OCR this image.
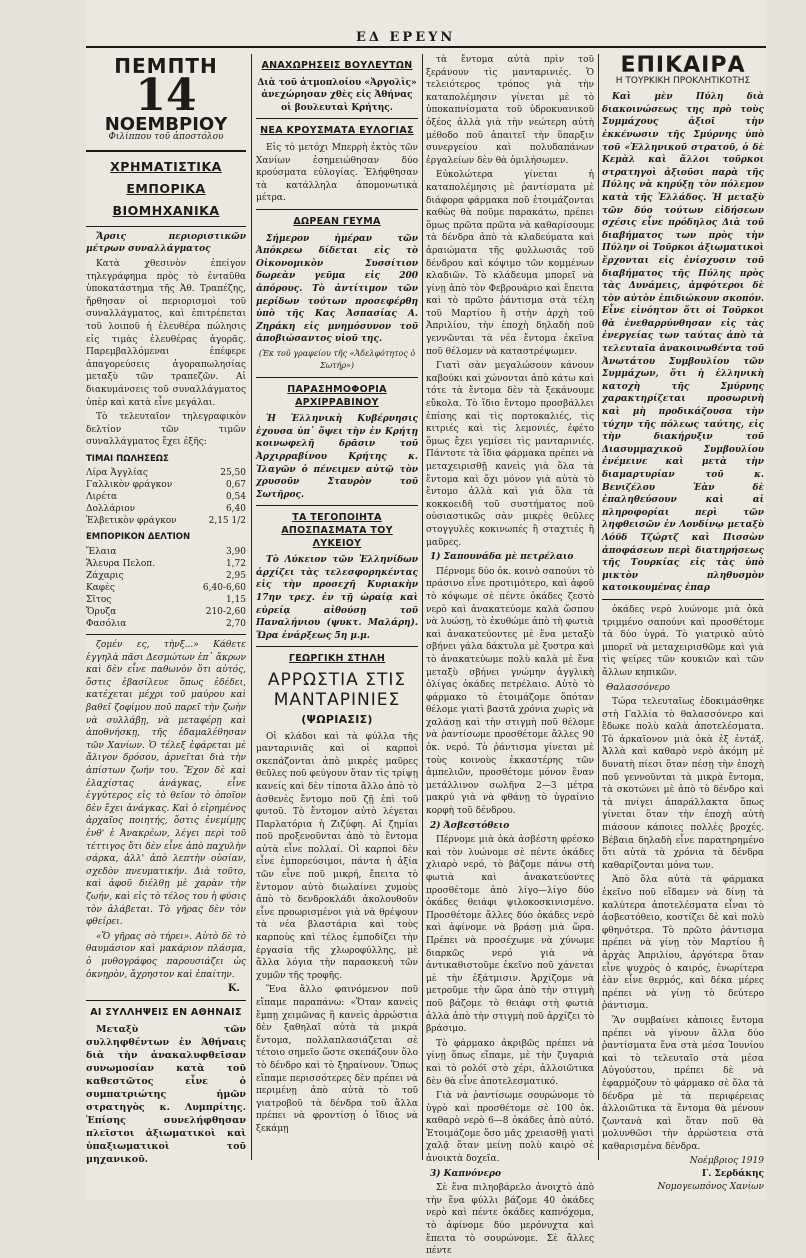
ΕΔ ΕΡΕΥΝ
ΠΕΜΠΤΗ
14
ΝΟΕΜΒΡΙΟΥ
Φιλίππου τοῦ ἀποστόλου
ΧΡΗΜΑΤΙΣΤΙΚΑ
ΕΜΠΟΡΙΚΑ
ΒΙΟΜΗΧΑΝΙΚΑ

Ἄρσις περιοριστικῶν μέτρων συναλλάγματος

Κατὰ χθεσινὸν ἐπείγον τηλεγράφημα πρὸς τὸ ἐνταῦθα ὑποκατάστημα τῆς Ἀθ. Τραπέζης, ἤρθησαν οἱ περιορισμοὶ τοῦ συναλλάγματος, καὶ ἐπιτρέπεται τοῦ λοιποῦ ἡ ἐλευθέρα πώλησις εἰς τιμὰς ἐλευθέρας ἀγορᾶς. Παρεμβαλλόμεναι ἐπέφερε ἀπαγορεύσεις ἀγοραπωλησίας μεταξὺ τῶν τραπεζῶν. Αἱ διακυμάνσεις τοῦ συναλλάγματος ὑπὲρ καὶ κατὰ εἶνε μεγάλαι.

Τὸ τελευταῖον τηλεγραφικὸν δελτίον τῶν τιμῶν συναλλάγματος ἔχει ἐξῆς:

ΤΙΜΑΙ ΠΩΛΗΣΕΩΣ
Λίρα Ἀγγλίας	25,50
Γαλλικὸν φράγκον	0,67
Λιρέτα	0,54
Δολλάριον	6,40
Ἑλβετικὸν φράγκον	2,15 1/2
ΕΜΠΟΡΙΚΟΝ ΔΕΛΤΙΟΝ
Ἔλαια	3,90
Ἄλευρα Πελοπ.	1,72
Ζάχαρις	2,95
Καφὲς	6,40-6,60
Σῖτος	1,15
Ὄρυζα	210-2,60
Φασόλια	2,70

ζομέν ες, τὴνξ...» Κάθετε ἑγγηλὰ πᾶσι Δεσμώτων ἐπ᾽ ἄκρων καὶ δὲν εἶνε παθωνὸν ὅτι αὐτός, ὅστις ἐβασίλευε ὅπως ἐδέδει, κατέχεται μέχρι τοῦ μαύρου καὶ βαθεῖ ζοφίμου ποῦ παρεῖ τὴν ζωὴν νὰ συλλάβῃ, νὰ μεταφέρῃ καὶ ἀποθνήσκῃ, τῆς ἐδαμαλέθησαν τῶν Χανίων. Ὁ τέλεξ ἐφάρεται μὲ ἄλιγον δρόσου, ἀρνεῖται διὰ τὴν ἀπίστων ζωήν του. Ἔχον δὲ καὶ ἐλαχίστας ἀνάγκας, εἶνε ἐγγύτερος εἰς τὸ θεῖον τὸ ὁποῖον δὲν ἔχει ἀνάγκας. Καὶ ὁ εἰρημένος ἀρχαῖος ποιητής, ὅστις ἐνεμίμῃς ἐνθ' ἐ Ἀνακρέων, λέγει περὶ τοῦ τέττιγος ὅτι δὲν εἶνε ἀπὸ παχυλὴν σάρκα, ἀλλ' ἀπὸ λεπτὴν οὐσίαν, σχεδὸν πνευματικήν. Διὰ τοῦτο, καὶ ἀφοῦ διέλθῃ μὲ χαρὰν τὴν ζωήν, καὶ εἰς τὸ τέλος του ἡ φύσις τὸν ἀλάβεται. Τὸ γῆρας δὲν τὸν φθείρει.

«Ὅ γῆρας σὸ τήρει». Αὐτὸ δὲ τὸ θαυμάσιον καὶ μακάριον πλάσμα, ὁ μυθογράφος παρουσιάζει ὡς ὀκνηρὸν, ἄχρηστον καὶ ἐπαίτην.

Κ.
ΑΙ ΣΥΛΛΗΨΕΙΣ ΕΝ ΑΘΗΝΑΙΣ

Μεταξὺ τῶν συλληφθέντων ἐν Ἀθήναις διὰ τὴν ἀνακαλυφθεῖσαν συνωμοσίαν κατὰ τοῦ καθεστῶτος εἶνε ὁ συμπατριώτης ἡμῶν στρατηγὸς κ. Λυμπρίτης. Ἐπίσης συνελήφθησαν πλεῖστοι ἀξιωματικοὶ καὶ ὑπαξιωματικοὶ τοῦ μηχανικοῦ.

ΑΝΑΧΩΡΗΣΕΙΣ ΒΟΥΛΕΥΤΩΝ

Διὰ τοῦ ἀτμοπλοίου «Ἀργολὶς» ἀνεχώρησαν χθὲς εἰς Ἀθήνας οἱ βουλευταὶ Κρήτης.

ΝΕΑ ΚΡΟΥΣΜΑΤΑ ΕΥΛΟΓΙΑΣ

Εἰς τὸ μετόχι Μπερρὴ ἐκτὸς τῶν Χανίων ἐσημειώθησαν δύο κρούσματα εὐλογίας. Ἐλήφθησαν τὰ κατάλληλα ἀπομονωτικὰ μέτρα.

ΔΩΡΕΑΝ ΓΕΥΜΑ

Σήμερον ἡμέραν τῶν Ἀπόκρεω δίδεται εἰς τὸ Οἰκονομικὸν Συσσίτιον δωρεὰν γεῦμα εἰς 200 ἀπόρους. Τὸ ἀντίτιμον τῶν μερίδων τούτων προσεφέρθη ὑπὸ τῆς Κας Ἀσπασίας Α. Ζηράκη εἰς μνημόσυνον τοῦ ἀποβιώσαντος υἱοῦ της.

(Ἐκ τοῦ γραφείου τῆς «Ἀδελφότητος ὁ Σωτήρ»)

ΠΑΡΑΣΗΜΟΦΟΡΙΑ ΑΡΧΙΡΡΑΒΙΝΟΥ

Ἡ Ἑλληνικὴ Κυβέρνησις ἐχουσα ὑπ᾽ ὄψει τὴν ἐν Κρήτῃ κοινωφελῆ δρᾶσιν τοῦ Ἀρχιρραβίνου Κρήτης κ. Ἰλαγῶν ὁ πένειμεν αὐτῷ τὸν χρυσοῦν Σταυρὸν τοῦ Σωτῆρος.

ΤΑ ΤΕΓΟΠΟΙΗΤΑ ΑΠΟΣΠΑΣΜΑΤΑ ΤΟΥ ΛΥΚΕΙΟΥ

Τὸ Λύκειον τῶν Ἑλληνίδων ἀρχίζει τὰς τελεσφορηκέντας εἰς τὴν προσεχῆ Κυριακὴν 17ην τρεχ. ἐν τῇ ὡραίᾳ καὶ εὐρείᾳ αἰθούσῃ τοῦ Παναλήνιου (ψυκτ. Μαλάρη). Ὥρα ἐνάρξεως 5η μ.μ.

ΓΕΩΡΓΙΚΗ ΣΤΗΛΗ
ΑΡΡΩΣΤΙΑ ΣΤΙΣ ΜΑΝΤΑΡΙΝΙΕΣ
(ΨΩΡΙΑΣΙΣ)

Οἱ κλάδοι καὶ τὰ φύλλα τῆς μανταρινιᾶς καὶ οἱ καρποὶ σκεπάζονται ἀπὸ μικρὲς μαῦρες θεῦλες ποῦ φεύγουν ὅταν τὶς τρίψῃ κανείς καὶ δὲν τίποτα ἄλλο ἀπὸ τὸ ἀσθενὲς ἔντομο ποῦ ζῇ ἐπὶ τοῦ φυτοῦ. Τὸ ἔντομον αὐτὸ λέγεται Παρλατόρια ἡ Ζιζύφη. Αἱ ζημίαι ποῦ προξενοῦνται ἀπὸ τὸ ἔντομα αὐτὰ εἶνε πολλαί. Οἱ καρποὶ δὲν εἶνε ἐμπορεύσιμοι, πάντα ἡ ἀξία τῶν εἶνε ποῦ μικρή, ἔπειτα τὸ ἔντομον αὐτὸ διωλαίνει χυμοὺς ἀπὸ τὸ δενδροκλάδι ἀκολουθοῦν εἶνε προωρισμένοι γιὰ νὰ θρέψουν τὰ νέα βλαστάρια καὶ τοὺς καρποὺς καὶ τέλος ἐμποδίζει τὴν ἐργασία τῆς χλωροφύλλης, μὲ ἄλλα λόγια τὴν παρασκευὴ τῶν χυμῶν τῆς τροφῆς.

Ἕνα ἄλλο φαινόμενον ποῦ εἴπαμε παραπάνω: «Ὅταν κανεὶς ἔμπῃ χειμῶνας ἢ κανεὶς ἀρρώστια δὲν ξαθηλαῖ αὐτὰ τὰ μικρὰ ἔντομα, πολλαπλασιάζεται σὲ τέτοιο σημεῖο ὥστε σκεπάζουν ὅλο τὸ δένδρο καὶ τὸ ξηραίνουν. Ὅπως εἴπαμε περισσότερες δὲν πρέπει νὰ περιμένῃ ἀπὸ αὐτὰ τὸ τοῦ γιατροβοῦ τὰ δένδρα τοῦ ἄλλα πρέπει νὰ φροντίσῃ ὁ ἴδιος νὰ ξεκάμῃ

τὰ ἔντομα αὐτὰ πρὶν τοῦ ξεράνουν τὶς μανταρινιές. Ὁ τελειότερος τρόπος γιὰ τὴν καταπολέμησιν γίνεται μὲ τὸ ὑποκαπνίσματα τοῦ ὑδροκυανικοῦ ὀξέος ἀλλὰ γιὰ τὴν νεώτερη αὐτὴ μέθοδο ποῦ ἀπαιτεῖ τὴν ὕπαρξιν συνεργείου καὶ πολυδαπάνων ἐργαλείων δὲν θὰ ὁμιλήσωμεν.

Εὐκολώτερα γίνεται ἡ καταπολέμησις μὲ ῥαντίσματα μὲ διάφορα φάρμακα ποῦ ἑτοιμάζονται καθὼς θὰ ποῦμε παρακάτω, πρέπει ὅμως πρῶτα πρῶτα νὰ καθαρίσουμε τὰ δένδρα ἀπὸ τὰ κλαδεύματα καὶ ἀραιώματα τῆς φυλλωσιᾶς τοῦ δένδρου καὶ κόψιμο τῶν κομμένων κλαδιῶν. Τὸ κλάδευμα μπορεῖ νὰ γίνῃ ἀπὸ τὸν Φεβρουάριο καὶ ἔπειτα καὶ τὸ πρῶτο ῥάντισμα στὰ τέλη τοῦ Μαρτίου ἢ στὴν ἀρχὴ τοῦ Ἀπριλίου, τὴν ἐποχὴ δηλαδὴ ποῦ γεννῶνται τὰ νέα ἔντομα ἐκεῖνα ποῦ θέλομεν νὰ καταστρέψωμεν.

Γιατὶ σὰν μεγαλώσουν κάνουν καβούκι καὶ χώνονται ἀπὸ κάτω καὶ τότε τὰ ἔντομα δὲν τὰ ξεκάνουμε εὔκολα. Τὸ ἴδιο ἔντομο προσβάλλει ἐπίσης καὶ τὶς πορτοκαλιές, τὶς κιτριές καὶ τὶς λεμονιές, ἐφέτο ὅμως ἔχει γεμίσει τὶς μανταρινιές. Πάντοτε τὰ ἴδια φάρμακα πρέπει νὰ μεταχειρισθῇ κανεὶς γιὰ ὅλα τὰ ἔντομα καὶ ὄχι μόνον γιὰ αὐτὰ τὸ ἔντομο ἀλλὰ καὶ γιὰ ὅλα τὰ κοκκοειδῆ τοῦ συστήματος ποῦ οὐσιαστικῶς σὰν μικρὲς θεῦλες στογγυλὲς κοκινωπές ἢ σταχτιές ἢ μαῦρες.

1) Σαπουνάδα μὲ πετρέλαιο

Πέρνομε δύο ὀκ. κοινὸ σαπούνι τὸ πράσινο εἶνε προτιμότερο, καὶ ἀφοῦ τὸ κόψωμε σὲ πέντε ὀκάδες ζεστὸ νερὸ καὶ ἀνακατεύομε καλὰ ὥσπου νὰ λυώσῃ, τὸ ἐκυθώμε ἀπὸ τὴ φωτιὰ καὶ ἀνακατεύοντες μὲ ἕνα μεταξὺ σβήνει γάλα δάκτυλα μὲ ξυστρα καὶ τὸ ἀνακατεύωμε πολὺ καλὰ μὲ ἕνα μεταξὺ σβήνει γνώμην ἀγγλικὴ ὀλίγας ὀκάδες πετρέλαιο. Αὐτὸ τὸ φάρμακο τὸ ἑτοιμάζομε ὅπόταν θέλομε γιατὶ βαστᾶ χρόνια χωρὶς νὰ χαλάσῃ καὶ τὴν στιγμὴ ποῦ θέλομε νὰ ῥαντίσωμε προσθέτομε ἄλλες 90 ὀκ. νερό. Τὸ ῥάντισμα γίνεται μὲ τοὺς κοινοὺς ἐκκαστέρης τῶν ἀμπελιῶν, προσθέτομε μόνον ἕναν μετάλλινον σωλῆνα 2—3 μέτρα μακρύ γιὰ νὰ φθάνῃ τὸ ὑγραίνιο κορφὴ τοῦ δένδρου.

2) Ἀσβεστόθειο

Πέρνομε μιὰ ὀκὰ ἀσβέστη φρέσκο καὶ τὸν λυώνομε σὲ πέντε ὀκάδες χλιαρὸ νερό, τὸ βάζομε πάνω στὴ φωτιὰ καὶ ἀνακατεύοντες προσθέτομε ἀπὸ λίγο—λίγο δύο ὀκάδες θειάφι ψιλοκοσκινισμένο. Προσθέτομε ἄλλες δύο ὀκάδες νερὸ καὶ ἀφίνομε νὰ βράσῃ μιὰ ὥρα. Πρέπει νὰ προσέχωμε νὰ χύνωμε διαρκῶς νερό γιὰ νὰ ἀντικαθιστοῦμε ἐκεῖνο ποῦ χάνεται μὲ τὴν ἐξάτμισιν. Ἀρχίζομε νὰ μετροῦμε τὴν ὥρα ἀπὸ τὴν στιγμὴ ποῦ βάζομε τὸ θειάφι στὴ φωτιὰ ἀλλὰ ἀπὸ τὴν στιγμὴ ποῦ ἀρχίζει τὸ βράσιμο.

Τὸ φάρμακο ἀκριβῶς πρέπει νὰ γίνῃ ὅπως εἴπαμε, μὲ τὴν ζυγαριὰ καὶ τὸ ρολόϊ στὸ χέρι, ἀλλοιῶτικα δὲν θὰ εἶνε ἀποτελεσματικό.

Γιὰ νὰ ῥαντίσωμε σουρώνομε τὸ ὑγρὸ καὶ προσθέτομε σὲ 100 ὀκ. καθαρὸ νερὸ 6—8 ὀκάδες ἀπὸ αὐτό. Ἑτοιμάζομε ὅσο μᾶς χρειασθῇ γιατὶ χαλᾷ ὅταν μείνῃ πολὺ καιρὸ σὲ ἀνοικτὰ δοχεῖα.

3) Καπνόνερο

Σὲ ἕνα πιληοβάρελο ἀνοιχτὸ ἀπὸ τὴν ἕνα φύλλι βάζομε 40 ὀκάδες νερὸ καὶ πέντε ὀκάδες καπνόχομα, τὸ ἀφίνομε δύο μερόνυχτα καὶ ἔπειτα τὸ σουρώνομε. Σὲ ἄλλες πέντε

ΕΠΙΚΑΙΡΑ
Η ΤΟΥΡΚΙΚΗ ΠΡΟΚΛΗΤΙΚΟΤΗΣ

Καὶ μὲν Πύλη διὰ διακοινώσεως της πρὸ τοὺς Συμμάχους ἀξιοῖ τὴν ἐκκένωσιν τῆς Σμύρνης ὑπὸ τοῦ «Ἑλληνικοῦ στρατοῦ, ὁ δὲ Κεμὰλ καὶ ἄλλοι τοῦρκοι στρατηγοὶ ἀξιοῦσι παρὰ τῆς Πύλης νὰ κηρύξῃ τὸν πόλεμον κατὰ τῆς Ἑλλάδος. Ἡ μεταξὺ τῶν δύο τούτων εἰδήσεων σχέσις εἶνε πρόδηλος Διὰ τοῦ διαβήματος των πρὸς τὴν Πύλην οἱ Τοῦρκοι ἀξιωματικοὶ ἔρχονται εἰς ἐνίσχυσιν τοῦ διαβήματος τῆς Πύλης πρὸς τὰς Δυνάμεις, ἀμφότεροι δὲ τὸν αὐτὸν ἐπιδιώκουν σκοπόν. Εἶνε εἰνόητον ὅτι οἱ Τοῦρκοι θὰ ἐνεθαρρύνθησαν εἰς τὰς ἐνεργείας των ταύτας ἀπὸ τὰ τελευταῖα ἀνακοινωθέντα τοῦ Ἀνωτάτου Συμβουλίου τῶν Συμμάχων, ὅτι ἡ ἑλληνικὴ κατοχὴ τῆς Σμύρνης χαρακτηρίζεται προσωρινὴ καὶ μὴ προδικάζουσα τὴν τύχην τῆς πόλεως ταύτης, εἰς τὴν διακήρυξιν τοῦ Διασυμμαχικοῦ Συμβουλίου ἐνέμεινε καὶ μετὰ τὴν διαμαρτυρίαν τοῦ κ. Βενιζέλου Ἐὰν δὲ ἐπαληθεύσουν καὶ αἱ πληροφορίαι περὶ τῶν ληφθεισῶν ἐν Λονδίνῳ μεταξὺ Λόϋδ Τζώρτζ καὶ Πισσὼν ἀποφάσεων περὶ διατηρήσεως τῆς Τουρκίας εἰς τὰς ὑπὸ μικτὸν πληθυσμὸν κατοικουμένας ἐπαρ

ὀκάδες νερὸ λυώνομε μιὰ ὀκὰ τριμμένο σαπούνι καὶ προσθέτομε τὰ δύο ὑγρά. Τὸ γιατρικὸ αὐτὸ μπορεῖ νὰ μεταχειρισθῶμε καὶ γιὰ τὶς ψείρες τῶν κουκιῶν καὶ τῶν ἄλλων κηπικῶν.

Θαλασσόνερο

Τώρα τελευταῖως ἐδοκιμάσθηκε στὴ Γαλλία τὸ θαλασσόνερο καὶ ἔδωκε πολὺ καλὰ ἀποτελέσματα. Τὸ ἀρκαῖονον μιὰ ὀκὰ ἐξ ἐντάξ. Ἀλλὰ καὶ καθαρὸ νερὸ ἀκόμη μὲ δυνατὴ πίεσι ὅταν πέσῃ τὴν ἐποχὴ ποῦ γεννοῦνται τὰ μικρὰ ἔντομα, τὰ σκοτώνει μὲ ἀπὸ τὸ δένδρο καὶ τὰ πνίγει ἀπαράλλακτα ὅπως γίνεται ὅταν τὴν ἐποχὴ αὐτὴ πιάσουν κάποιες πολλὲς βροχές. Βέβαια δηλαδὴ εἶνε παρατηρημένο ὅτι αὐτὰ τὰ χρόνια τὰ δένδρα καθαρίζονται μόνα των.

Ἀπὸ ὅλα αὐτὰ τὰ φάρμακα ἐκεῖνο ποῦ εἴδαμεν νὰ δίνῃ τὰ καλύτερα ἀποτελέσματα εἶναι τὸ ἀσβεστόθειο, κοστίζει δὲ καὶ πολὺ φθηνότερα. Τὸ πρῶτο ῥάντισμα πρέπει νὰ γίνῃ τὸν Μαρτίου ἢ ἀρχὰς Ἀπριλίου, ἀργότερα ὅταν εἶνε ψυχρὸς ὁ καιρός, ἐνωρίτερα ἐὰν εἶνε θερμός, καὶ δέκα μέρες πρέπει νὰ γίνῃ τὸ δεύτερο ῥάντισμα.

Ἂν συμβαίνει κἀποιες ἔντομα πρέπει νὰ γίνουν ἄλλα δύο ῥαντίσματα ἕνα στὰ μέσα Ἰουνίου καὶ τὸ τελευταῖο στὰ μέσα Αὐγούστου, πρέπει δὲ νὰ ἐφαρμόζουν τὸ φάρμακο σὲ ὅλα τὰ δένδρα μὲ τὰ περιφέρειας ἀλλοιῶτικα τὰ ἔντομα θὰ μένουν ζωντανὰ καὶ ὅταν ποῦ θὰ μολυνθῶσι τὴν ἀρρώστεια στὰ καθαρισμένα δένδρα.

Νοέμβριος 1919
Γ. Σερδάκης
Νομογεωπόνος Χανίων
